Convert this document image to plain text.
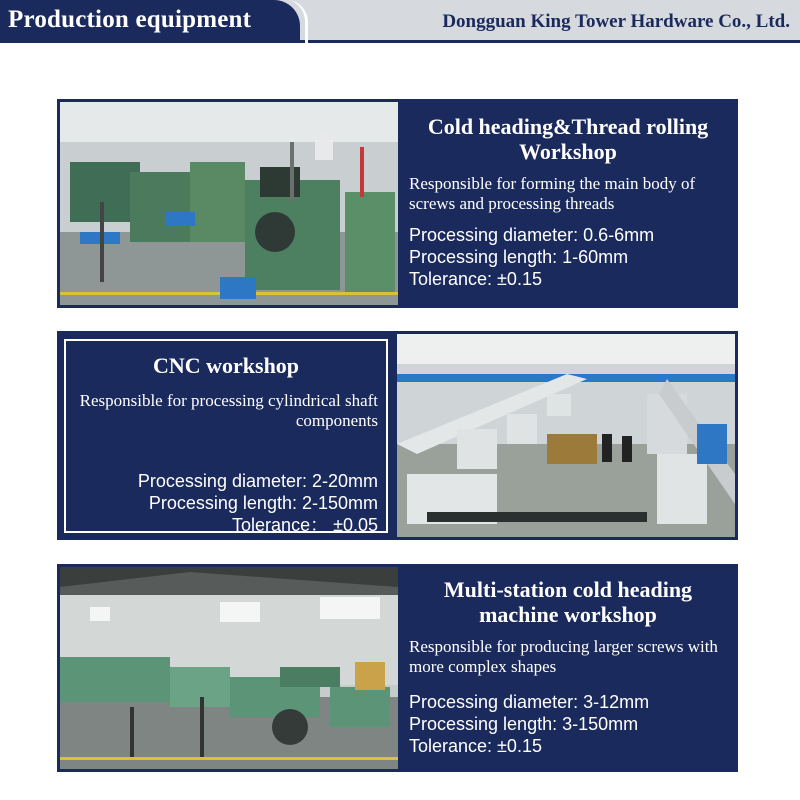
Production equipment	Dongguan King Tower Hardware Co., Ltd.
Cold heading&Thread rolling
Workshop
Responsible for forming the main body of screws and processing threads
Processing diameter: 0.6-6mm
Processing length: 1-60mm
Tolerance: ±0.15
CNC workshop
Responsible for processing cylindrical shaft components
Processing diameter: 2-20mm
Processing length: 2-150mm
Tolerance： ±0.05
Multi-station cold heading
machine workshop
Responsible for producing larger screws with more complex shapes
Processing diameter: 3-12mm
Processing length: 3-150mm
Tolerance: ±0.15
